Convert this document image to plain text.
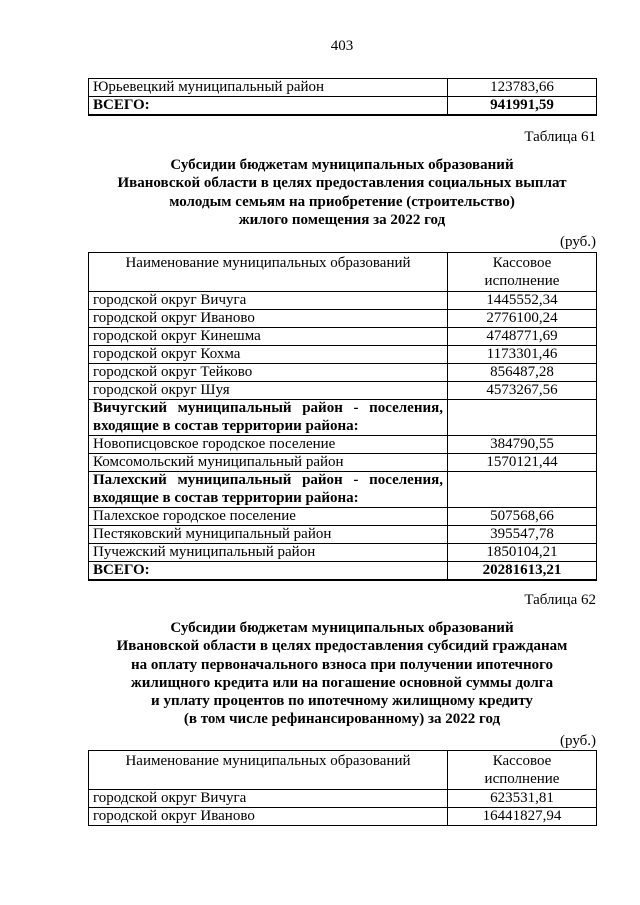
403
Юрьевецкий муниципальный район	123783,66
ВСЕГО:	941991,59
Таблица 61
Субсидии бюджетам муниципальных образований
Ивановской области в целях предоставления социальных выплат
молодым семьям на приобретение (строительство)
жилого помещения за 2022 год
(руб.)
Наименование муниципальных образований	Кассовое
исполнение

городской округ Вичуга	1445552,34
городской округ Иваново	2776100,24
городской округ Кинешма	4748771,69
городской округ Кохма	1173301,46
городской округ Тейково	856487,28
городской округ Шуя	4573267,56

Вичугский муниципальный район - поселения,
входящие в состав территории района:	

Новописцовское городское поселение	384790,55
Комсомольский муниципальный район	1570121,44

Палехский муниципальный район - поселения,
входящие в состав территории района:	

Палехское городское поселение	507568,66
Пестяковский муниципальный район	395547,78
Пучежский муниципальный район	1850104,21
ВСЕГО:	20281613,21
Таблица 62
Субсидии бюджетам муниципальных образований
Ивановской области в целях предоставления субсидий гражданам
на оплату первоначального взноса при получении ипотечного
жилищного кредита или на погашение основной суммы долга
и уплату процентов по ипотечному жилищному кредиту
(в том числе рефинансированному) за 2022 год
(руб.)
Наименование муниципальных образований	Кассовое
исполнение

городской округ Вичуга	623531,81
городской округ Иваново	16441827,94
